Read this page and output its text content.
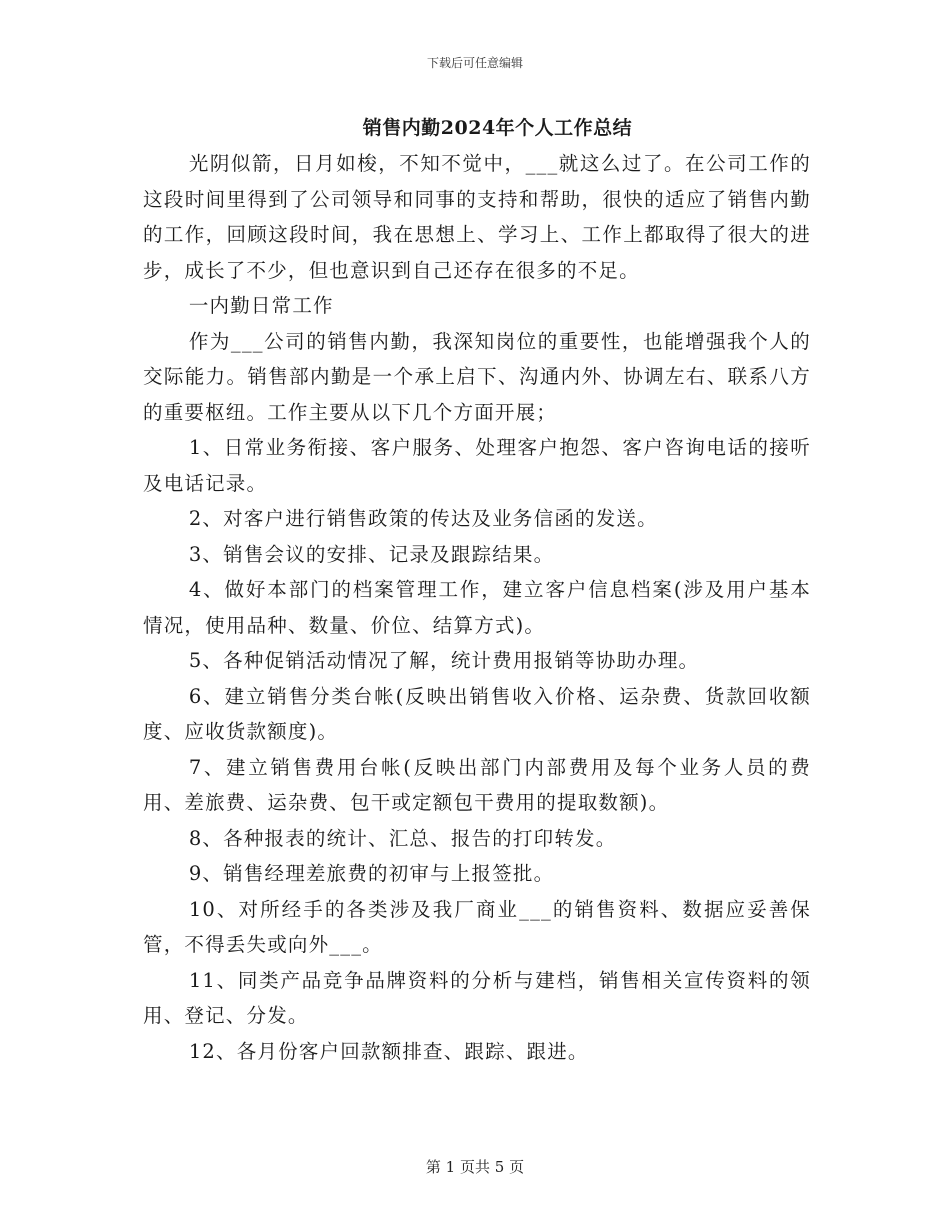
下载后可任意编辑
销售内勤2024年个人工作总结

光阴似箭，日月如梭，不知不觉中，___就这么过了。在公司工作的这段时间里得到了公司领导和同事的支持和帮助，很快的适应了销售内勤的工作，回顾这段时间，我在思想上、学习上、工作上都取得了很大的进步，成长了不少，但也意识到自己还存在很多的不足。

一内勤日常工作

作为___公司的销售内勤，我深知岗位的重要性，也能增强我个人的交际能力。销售部内勤是一个承上启下、沟通内外、协调左右、联系八方的重要枢纽。工作主要从以下几个方面开展；

1、日常业务衔接、客户服务、处理客户抱怨、客户咨询电话的接听及电话记录。

2、对客户进行销售政策的传达及业务信函的发送。

3、销售会议的安排、记录及跟踪结果。

4、做好本部门的档案管理工作，建立客户信息档案(涉及用户基本情况，使用品种、数量、价位、结算方式)。

5、各种促销活动情况了解，统计费用报销等协助办理。

6、建立销售分类台帐(反映出销售收入价格、运杂费、货款回收额度、应收货款额度)。

7、建立销售费用台帐(反映出部门内部费用及每个业务人员的费用、差旅费、运杂费、包干或定额包干费用的提取数额)。

8、各种报表的统计、汇总、报告的打印转发。

9、销售经理差旅费的初审与上报签批。

10、对所经手的各类涉及我厂商业___的销售资料、数据应妥善保管，不得丢失或向外___。

11、同类产品竞争品牌资料的分析与建档，销售相关宣传资料的领用、登记、分发。

12、各月份客户回款额排查、跟踪、跟进。

第 1 页共 5 页
